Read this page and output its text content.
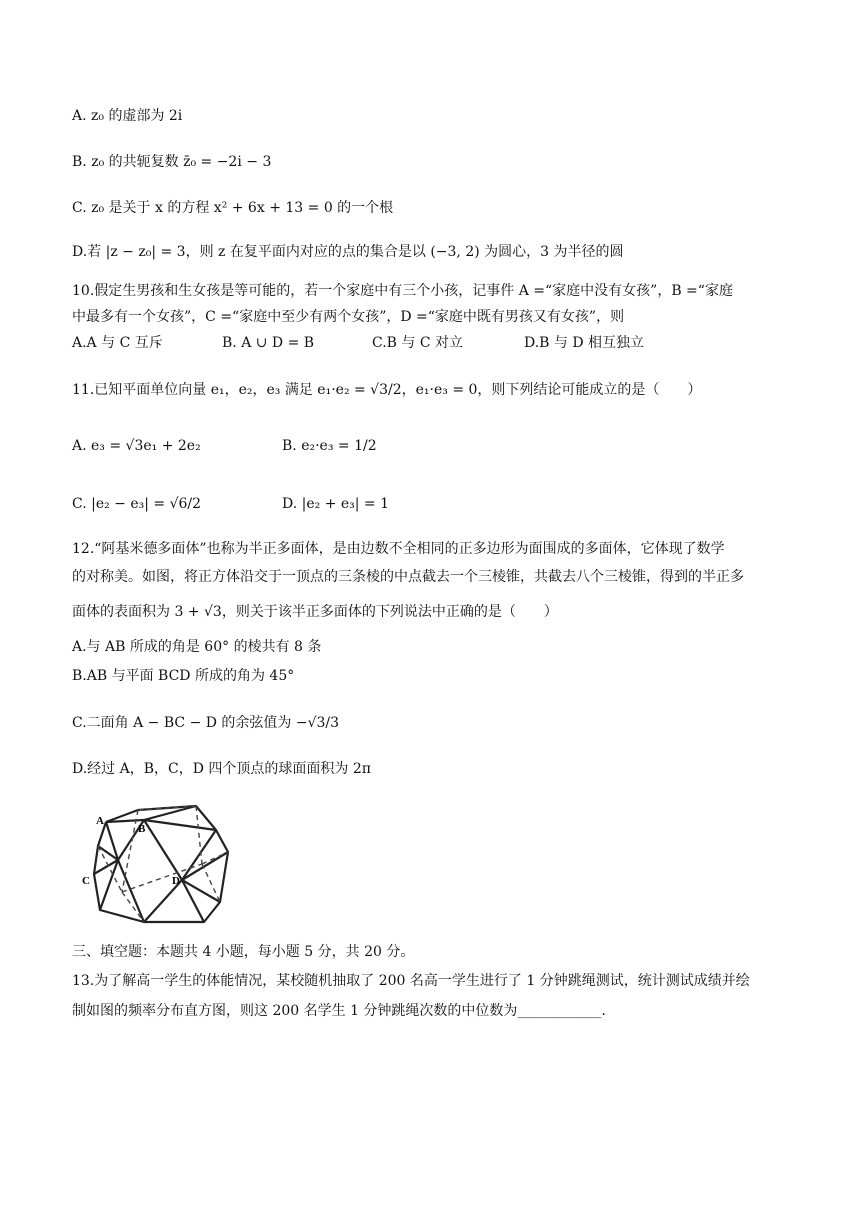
A. z₀ 的虚部为 2i
B. z₀ 的共轭复数 z̄₀ = −2i − 3
C. z₀ 是关于 x 的方程 x² + 6x + 13 = 0 的一个根
D.若 |z − z₀| = 3，则 z 在复平面内对应的点的集合是以 (−3, 2) 为圆心，3 为半径的圆
10.假定生男孩和生女孩是等可能的，若一个家庭中有三个小孩，记事件 A =“家庭中没有女孩”，B =“家庭
中最多有一个女孩”，C =“家庭中至少有两个女孩”，D =“家庭中既有男孩又有女孩”，则
A.A 与 C 互斥	B. A ∪ D = B	C.B 与 C 对立	D.B 与 D 相互独立
11.已知平面单位向量 e₁，e₂，e₃ 满足 e₁·e₂ = √3/2，e₁·e₃ = 0，则下列结论可能成立的是（　　）
A. e₃ = √3e₁ + 2e₂	B. e₂·e₃ = 1/2
C. |e₂ − e₃| = √6/2	D. |e₂ + e₃| = 1
12.“阿基米德多面体”也称为半正多面体，是由边数不全相同的正多边形为面围成的多面体，它体现了数学
的对称美。如图，将正方体沿交于一顶点的三条棱的中点截去一个三棱锥，共截去八个三棱锥，得到的半正多
面体的表面积为 3 + √3，则关于该半正多面体的下列说法中正确的是（　　）
A.与 AB 所成的角是 60° 的棱共有 8 条
B.AB 与平面 BCD 所成的角为 45°
C.二面角 A − BC − D 的余弦值为 −√3/3
D.经过 A，B，C，D 四个顶点的球面面积为 2π
A
B
C	D
三、填空题：本题共 4 小题，每小题 5 分，共 20 分。
13.为了解高一学生的体能情况，某校随机抽取了 200 名高一学生进行了 1 分钟跳绳测试，统计测试成绩并绘
制如图的频率分布直方图，则这 200 名学生 1 分钟跳绳次数的中位数为____________.
